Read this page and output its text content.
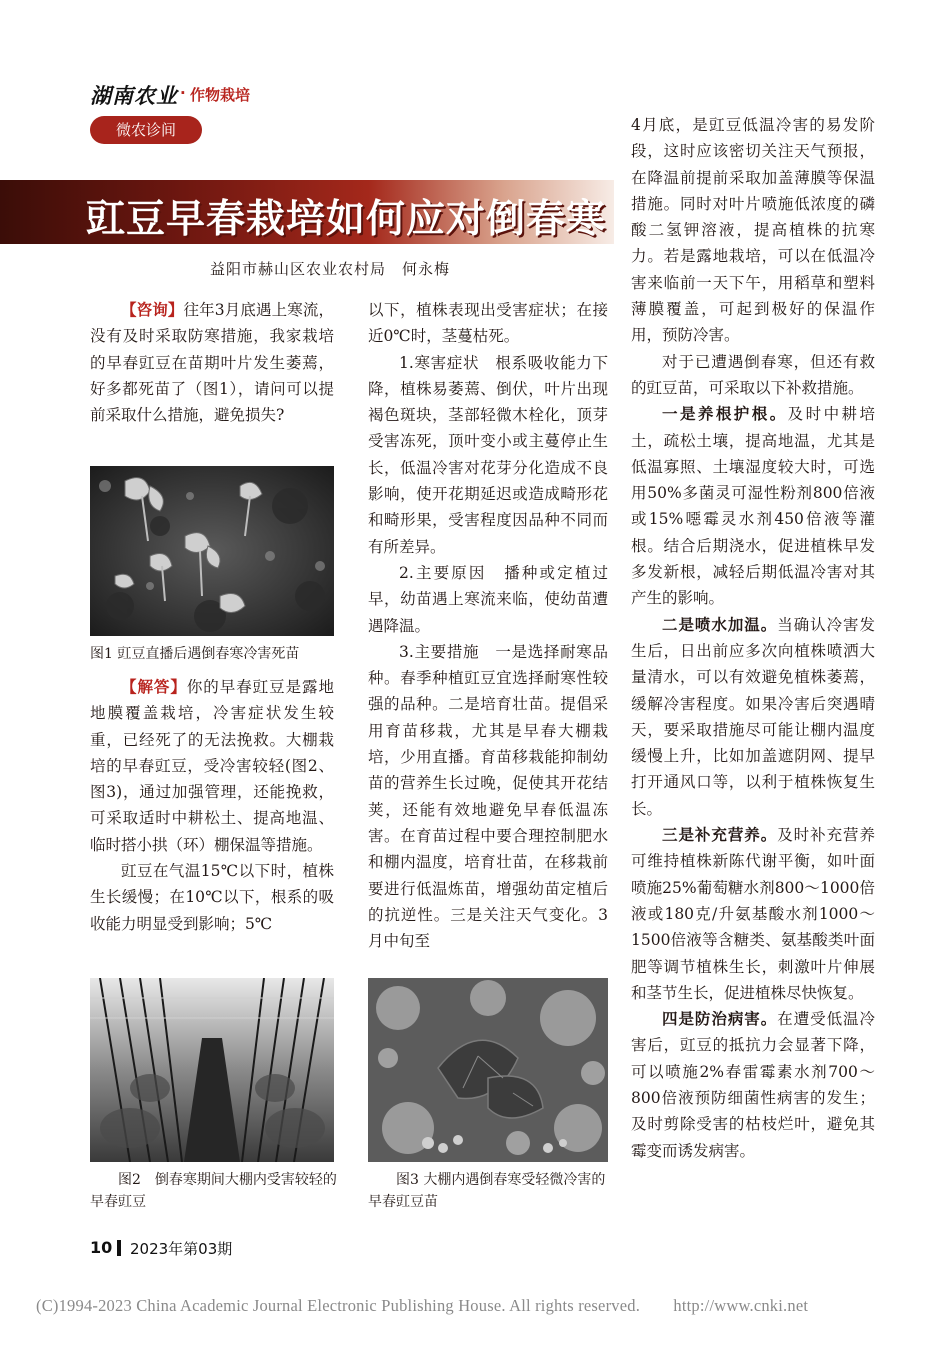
湖南农业 · 作物栽培
微农诊间
豇豆早春栽培如何应对倒春寒
益阳市赫山区农业农村局　何永梅

【咨询】往年3月底遇上寒流，没有及时采取防寒措施，我家栽培的早春豇豆在苗期叶片发生萎蔫，好多都死苗了（图1），请问可以提前采取什么措施，避免损失?

图1 豇豆直播后遇倒春寒冷害死苗

【解答】你的早春豇豆是露地地膜覆盖栽培，冷害症状发生较重，已经死了的无法挽救。大棚栽培的早春豇豆，受冷害较轻(图2、图3)，通过加强管理，还能挽救，可采取适时中耕松土、提高地温、临时搭小拱（环）棚保温等措施。

豇豆在气温15℃以下时，植株生长缓慢；在10℃以下，根系的吸收能力明显受到影响；5℃

以下，植株表现出受害症状；在接近0℃时，茎蔓枯死。

1.寒害症状  根系吸收能力下降，植株易萎蔫、倒伏，叶片出现褐色斑块，茎部轻微木栓化，顶芽受害冻死，顶叶变小或主蔓停止生长，低温冷害对花芽分化造成不良影响，使开花期延迟或造成畸形花和畸形果，受害程度因品种不同而有所差异。

2.主要原因  播种或定植过早，幼苗遇上寒流来临，使幼苗遭遇降温。

3.主要措施  一是选择耐寒品种。春季种植豇豆宜选择耐寒性较强的品种。二是培育壮苗。提倡采用育苗移栽，尤其是早春大棚栽培，少用直播。育苗移栽能抑制幼苗的营养生长过晚，促使其开花结荚，还能有效地避免早春低温冻害。在育苗过程中要合理控制肥水和棚内温度，培育壮苗，在移栽前要进行低温炼苗，增强幼苗定植后的抗逆性。三是关注天气变化。3月中旬至

图2　倒春寒期间大棚内受害较轻的早春豇豆
图3 大棚内遇倒春寒受轻微冷害的早春豇豆苗

4月底，是豇豆低温冷害的易发阶段，这时应该密切关注天气预报，在降温前提前采取加盖薄膜等保温措施。同时对叶片喷施低浓度的磷酸二氢钾溶液，提高植株的抗寒力。若是露地栽培，可以在低温冷害来临前一天下午，用稻草和塑料薄膜覆盖，可起到极好的保温作用，预防冷害。

对于已遭遇倒春寒，但还有救的豇豆苗，可采取以下补救措施。

一是养根护根。及时中耕培土，疏松土壤，提高地温，尤其是低温寡照、土壤湿度较大时，可选用50%多菌灵可湿性粉剂800倍液或15%噁霉灵水剂450倍液等灌根。结合后期浇水，促进植株早发多发新根，减轻后期低温冷害对其产生的影响。

二是喷水加温。当确认冷害发生后，日出前应多次向植株喷洒大量清水，可以有效避免植株萎蔫，缓解冷害程度。如果冷害后突遇晴天，要采取措施尽可能让棚内温度缓慢上升，比如加盖遮阴网、提早打开通风口等，以利于植株恢复生长。

三是补充营养。及时补充营养可维持植株新陈代谢平衡，如叶面喷施25%葡萄糖水剂800～1000倍液或180克/升氨基酸水剂1000～1500倍液等含糖类、氨基酸类叶面肥等调节植株生长，刺激叶片伸展和茎节生长，促进植株尽快恢复。

四是防治病害。在遭受低温冷害后，豇豆的抵抗力会显著下降，可以喷施2%春雷霉素水剂700～800倍液预防细菌性病害的发生；及时剪除受害的枯枝烂叶，避免其霉变而诱发病害。

10 2023年第03期
(C)1994-2023 China Academic Journal Electronic Publishing House. All rights reserved.　　http://www.cnki.net
